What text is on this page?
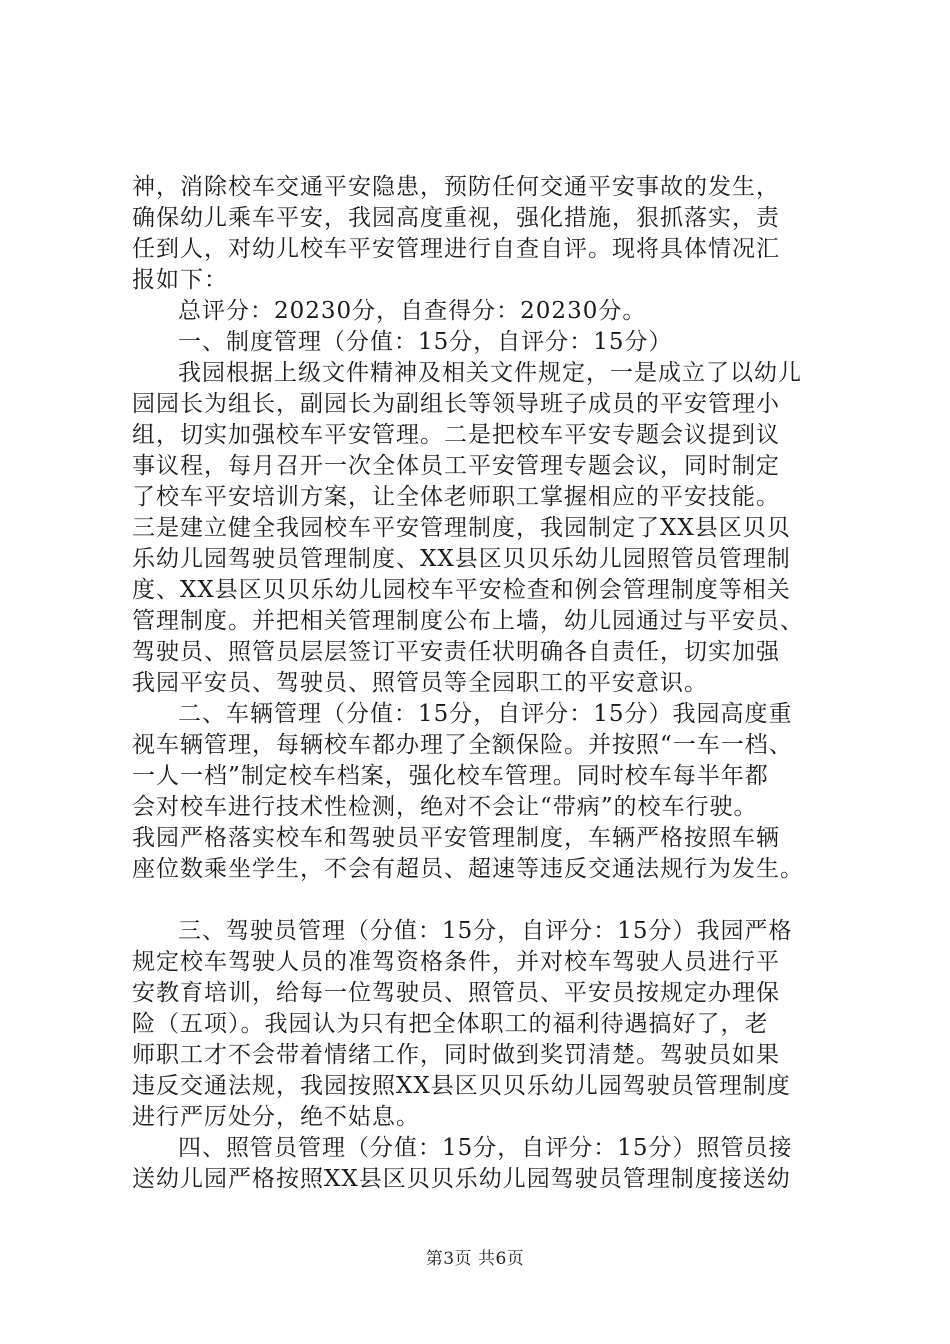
神，消除校车交通平安隐患，预防任何交通平安事故的发生，
确保幼儿乘车平安，我园高度重视，强化措施，狠抓落实，责
任到人，对幼儿校车平安管理进行自查自评。现将具体情况汇
报如下：
总评分：20230分，自查得分：20230分。
一、制度管理（分值：15分，自评分：15分）
我园根据上级文件精神及相关文件规定，一是成立了以幼儿
园园长为组长，副园长为副组长等领导班子成员的平安管理小
组，切实加强校车平安管理。二是把校车平安专题会议提到议
事议程，每月召开一次全体员工平安管理专题会议，同时制定
了校车平安培训方案，让全体老师职工掌握相应的平安技能。
三是建立健全我园校车平安管理制度，我园制定了XX县区贝贝
乐幼儿园驾驶员管理制度、XX县区贝贝乐幼儿园照管员管理制
度、XX县区贝贝乐幼儿园校车平安检查和例会管理制度等相关
管理制度。并把相关管理制度公布上墙，幼儿园通过与平安员、
驾驶员、照管员层层签订平安责任状明确各自责任，切实加强
我园平安员、驾驶员、照管员等全园职工的平安意识。
二、车辆管理（分值：15分，自评分：15分）我园高度重
视车辆管理，每辆校车都办理了全额保险。并按照“一车一档、
一人一档”制定校车档案，强化校车管理。同时校车每半年都
会对校车进行技术性检测，绝对不会让“带病”的校车行驶。
我园严格落实校车和驾驶员平安管理制度，车辆严格按照车辆
座位数乘坐学生，不会有超员、超速等违反交通法规行为发生。
三、驾驶员管理（分值：15分，自评分：15分）我园严格
规定校车驾驶人员的准驾资格条件，并对校车驾驶人员进行平
安教育培训，给每一位驾驶员、照管员、平安员按规定办理保
险（五项）。我园认为只有把全体职工的福利待遇搞好了，老
师职工才不会带着情绪工作，同时做到奖罚清楚。驾驶员如果
违反交通法规，我园按照XX县区贝贝乐幼儿园驾驶员管理制度
进行严厉处分，绝不姑息。
四、照管员管理（分值：15分，自评分：15分）照管员接
送幼儿园严格按照XX县区贝贝乐幼儿园驾驶员管理制度接送幼
第3页 共6页
